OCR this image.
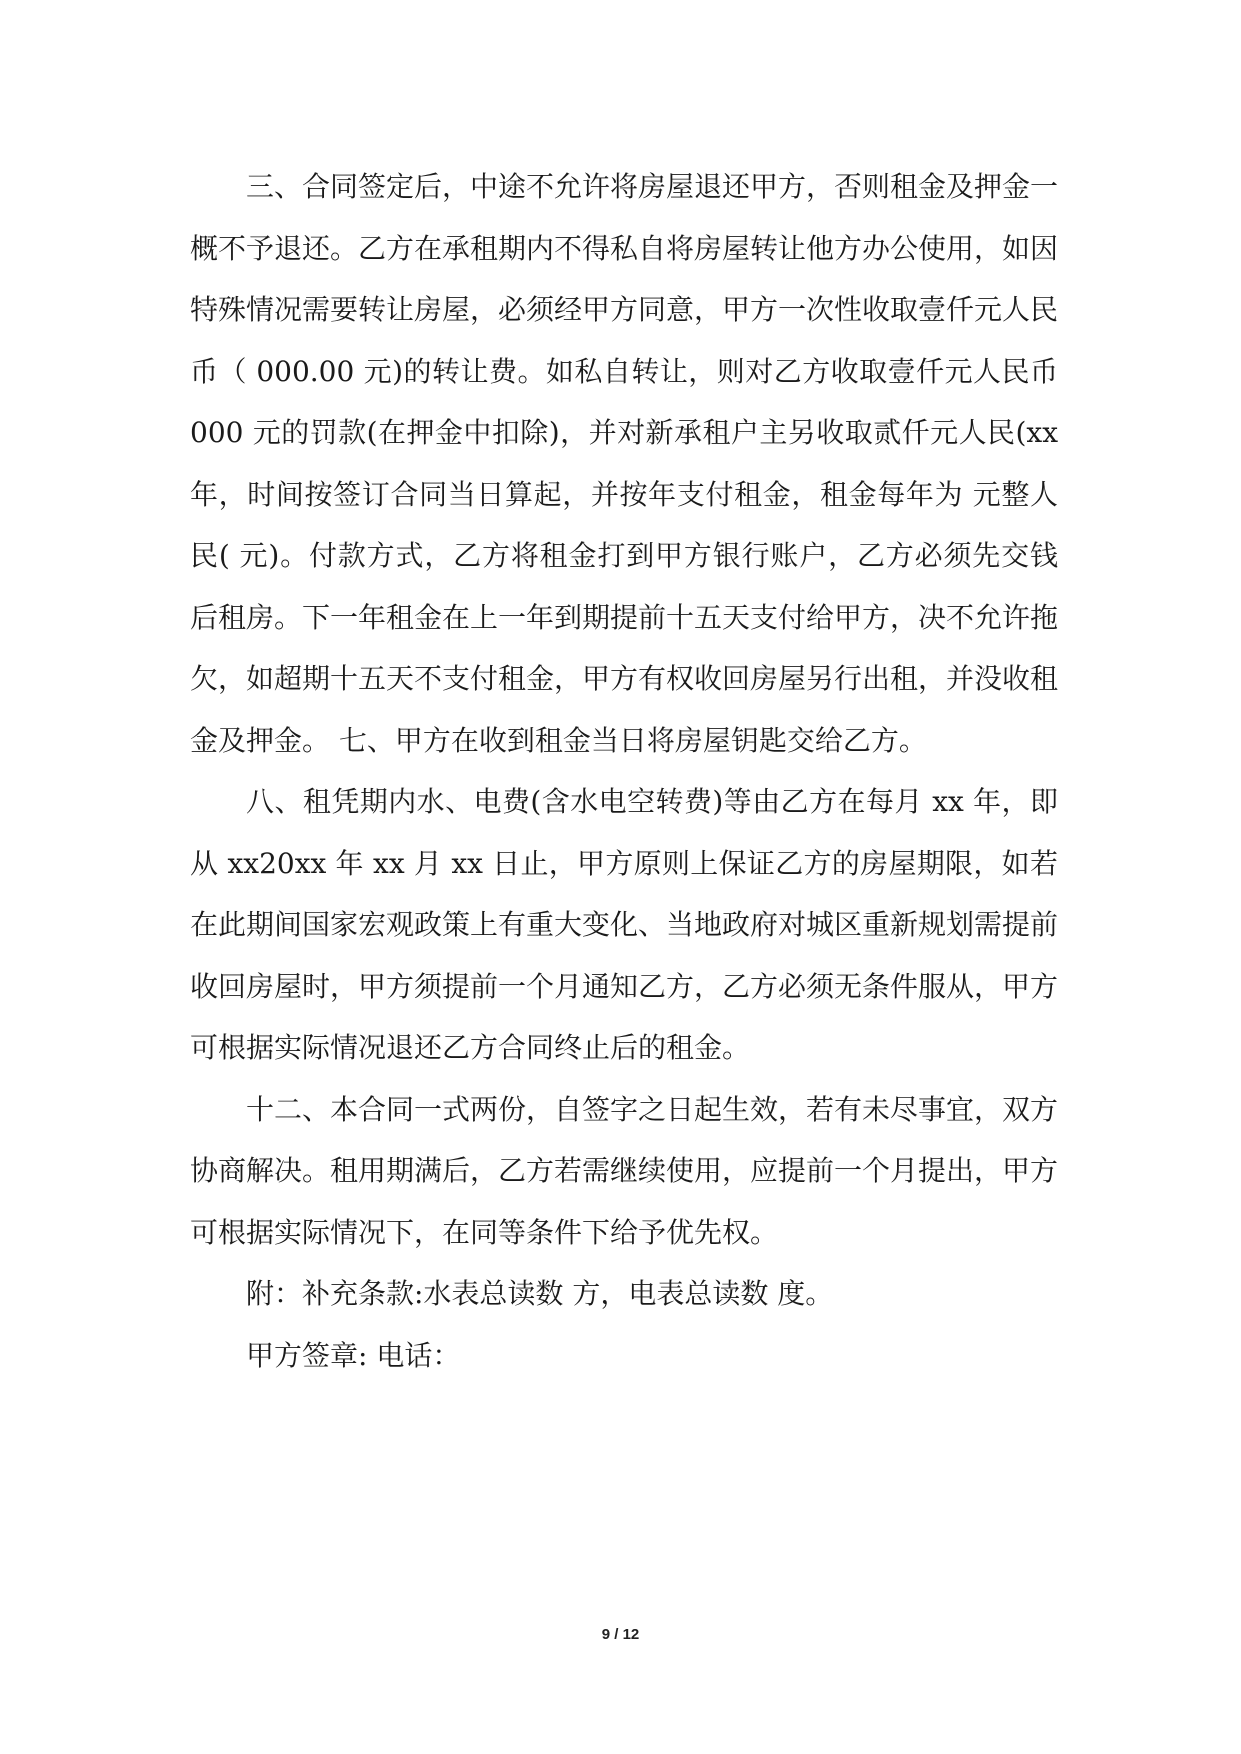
三、合同签定后，中途不允许将房屋退还甲方，否则租金及押金一概不予退还。乙方在承租期内不得私自将房屋转让他方办公使用，如因特殊情况需要转让房屋，必须经甲方同意，甲方一次性收取壹仟元人民币（ 000.00 元)的转让费。如私自转让，则对乙方收取壹仟元人民币 000 元的罚款(在押金中扣除)，并对新承租户主另收取贰仟元人民(xx 年，时间按签订合同当日算起，并按年支付租金，租金每年为 元整人民( 元)。付款方式，乙方将租金打到甲方银行账户，乙方必须先交钱后租房。下一年租金在上一年到期提前十五天支付给甲方，决不允许拖欠，如超期十五天不支付租金，甲方有权收回房屋另行出租，并没收租金及押金。 七、甲方在收到租金当日将房屋钥匙交给乙方。

八、租凭期内水、电费(含水电空转费)等由乙方在每月 xx 年，即从 xx20xx 年 xx 月 xx 日止，甲方原则上保证乙方的房屋期限，如若在此期间国家宏观政策上有重大变化、当地政府对城区重新规划需提前收回房屋时，甲方须提前一个月通知乙方，乙方必须无条件服从，甲方可根据实际情况退还乙方合同终止后的租金。

十二、本合同一式两份，自签字之日起生效，若有未尽事宜，双方协商解决。租用期满后，乙方若需继续使用，应提前一个月提出，甲方可根据实际情况下，在同等条件下给予优先权。

附：补充条款:水表总读数 方，电表总读数 度。

甲方签章: 电话：

9 / 12
